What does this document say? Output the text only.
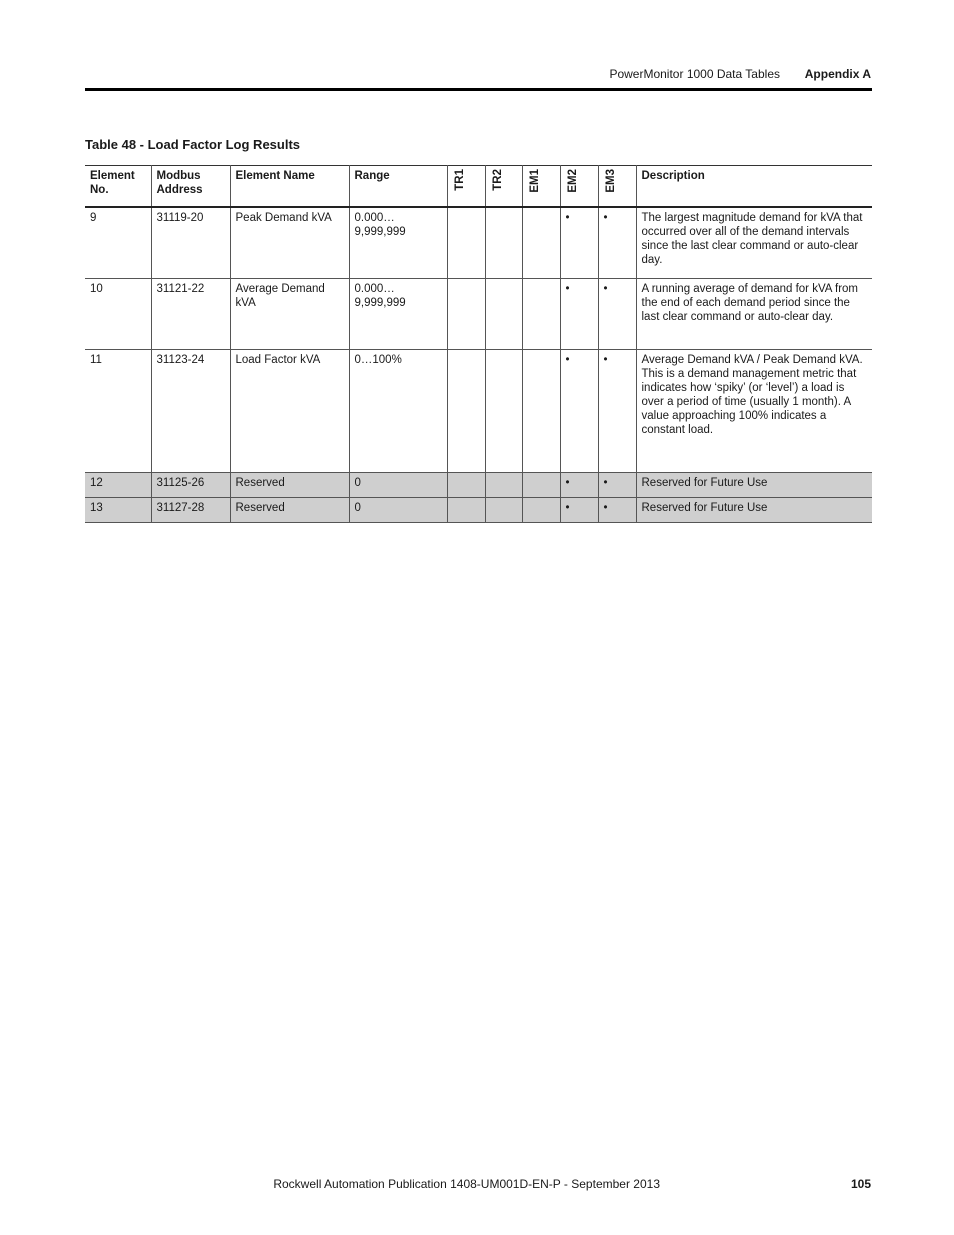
PowerMonitor 1000 Data Tables Appendix A
Table 48 - Load Factor Log Results
Element No.	Modbus Address	Element Name	Range	TR1	TR2	EM1	EM2	EM3	Description
9	31119-20	Peak Demand kVA	0.000… 9,999,999				•	•	The largest magnitude demand for kVA that occurred over all of the demand intervals since the last clear command or auto-clear day.
10	31121-22	Average Demand kVA	0.000… 9,999,999				•	•	A running average of demand for kVA from the end of each demand period since the last clear command or auto-clear day.
11	31123-24	Load Factor kVA	0…100%				•	•	Average Demand kVA / Peak Demand kVA. This is a demand management metric that indicates how ‘spiky’ (or ‘level’) a load is over a period of time (usually 1 month). A value approaching 100% indicates a constant load.
12	31125-26	Reserved	0				•	•	Reserved for Future Use
13	31127-28	Reserved	0				•	•	Reserved for Future Use
Rockwell Automation Publication 1408-UM001D-EN-P - September 2013	105
